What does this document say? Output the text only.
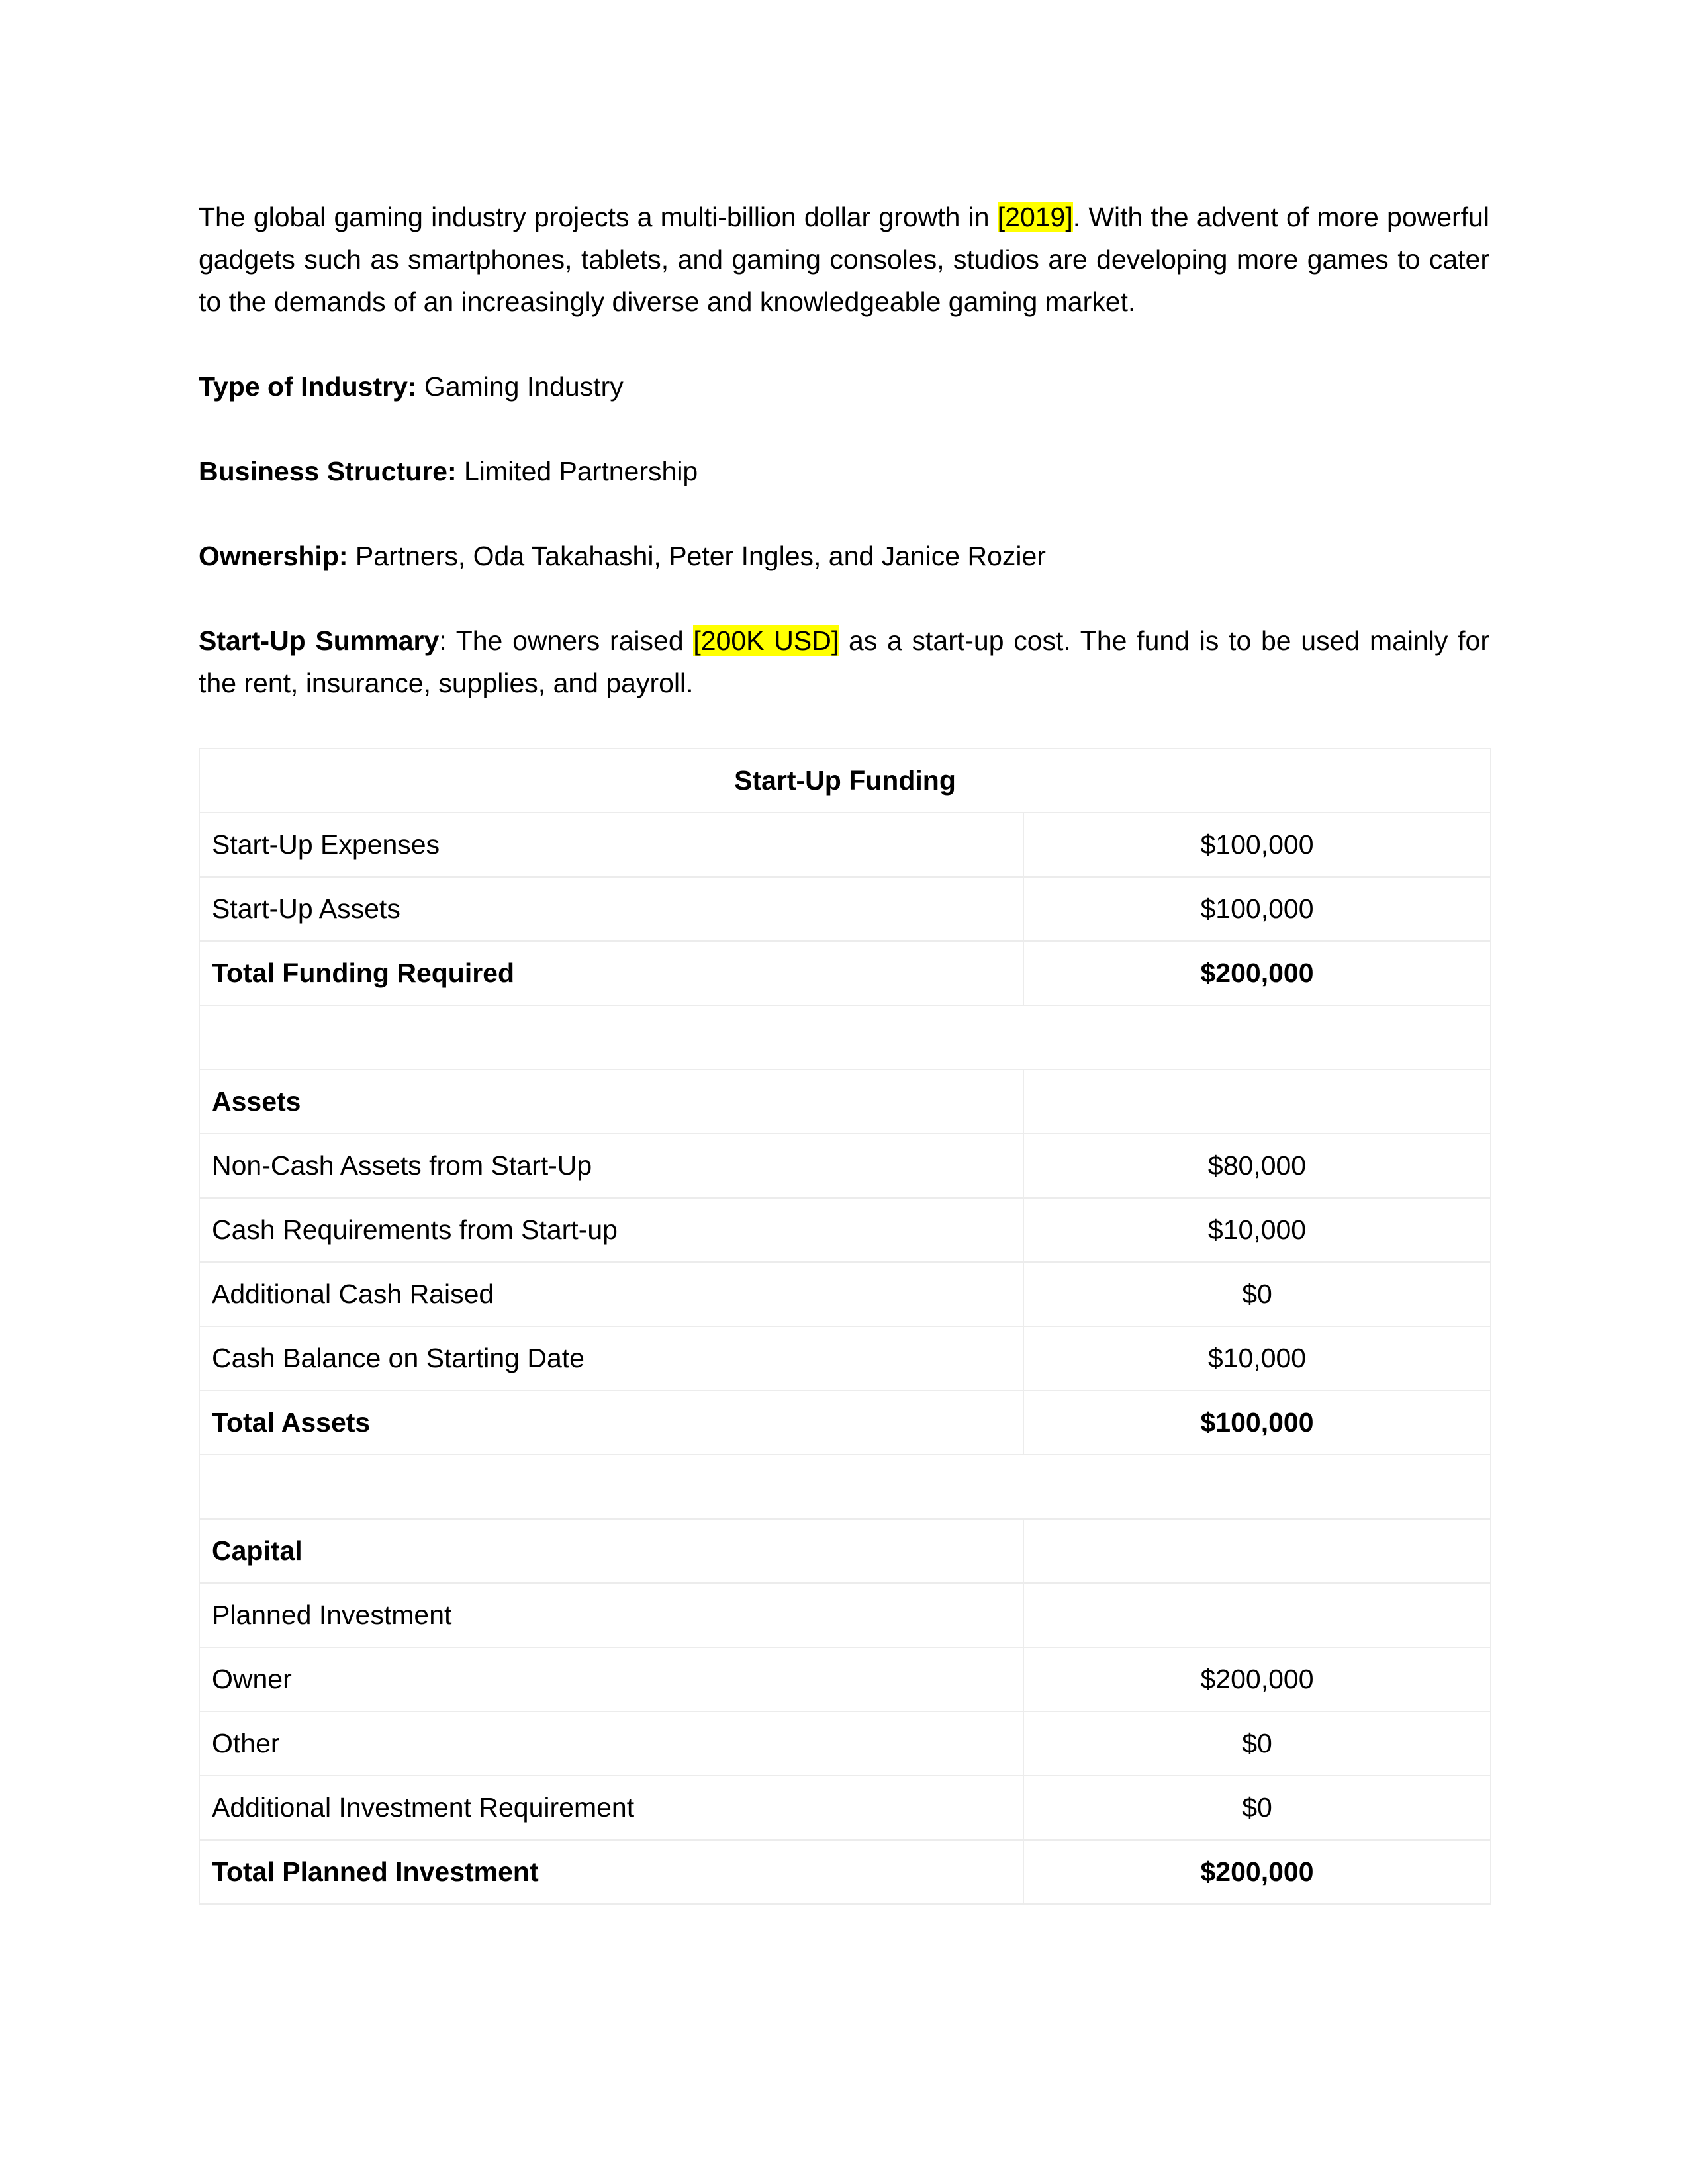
The global gaming industry projects a multi-billion dollar growth in [2019]. With the advent of more powerful gadgets such as smartphones, tablets, and gaming consoles, studios are developing more games to cater to the demands of an increasingly diverse and knowledgeable gaming market.

Type of Industry: Gaming Industry

Business Structure: Limited Partnership

Ownership: Partners, Oda Takahashi, Peter Ingles, and Janice Rozier

Start-Up Summary: The owners raised [200K USD] as a start-up cost. The fund is to be used mainly for the rent, insurance, supplies, and payroll.

Start-Up Funding	
Start-Up Expenses	$100,000
Start-Up Assets	$100,000
Total Funding Required	$200,000

Assets	
Non-Cash Assets from Start-Up	$80,000
Cash Requirements from Start-up	$10,000
Additional Cash Raised	$0
Cash Balance on Starting Date	$10,000
Total Assets	$100,000

Capital	
Planned Investment	
Owner	$200,000
Other	$0
Additional Investment Requirement	$0
Total Planned Investment	$200,000
